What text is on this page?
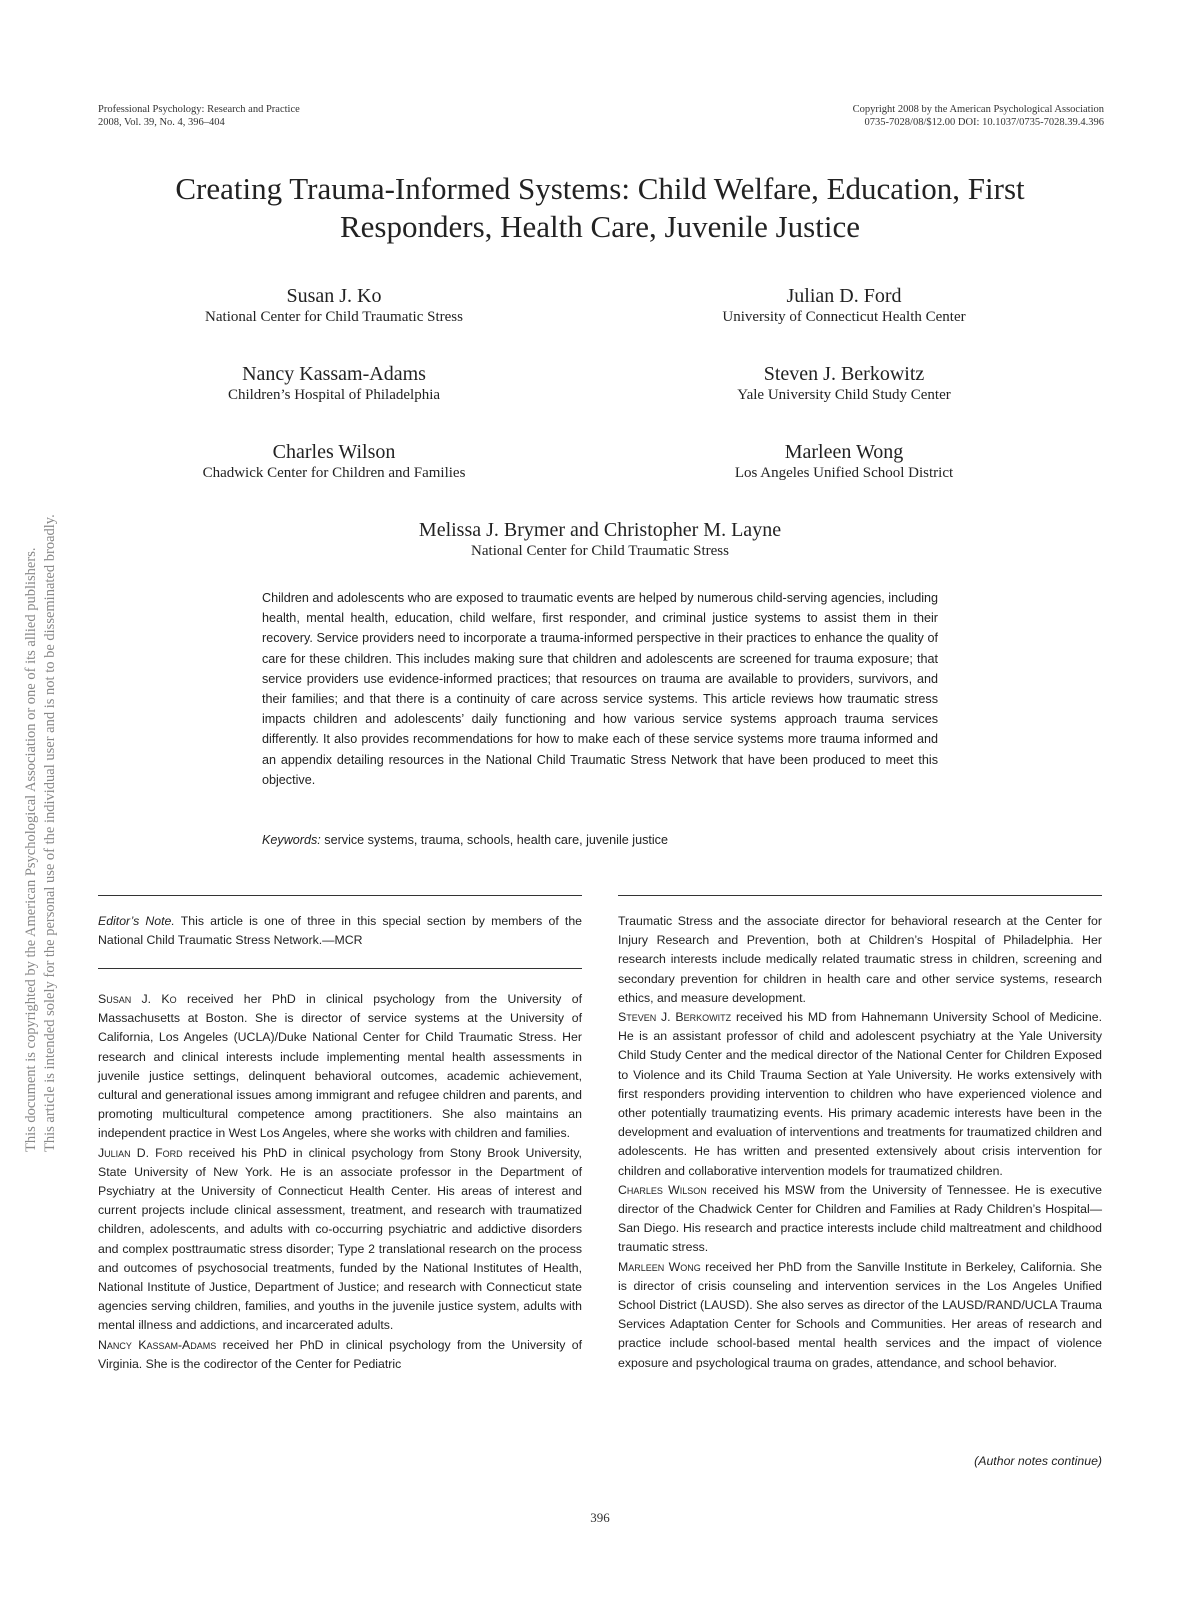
Professional Psychology: Research and Practice
2008, Vol. 39, No. 4, 396–404
Copyright 2008 by the American Psychological Association
0735-7028/08/$12.00 DOI: 10.1037/0735-7028.39.4.396
Creating Trauma-Informed Systems: Child Welfare, Education, First Responders, Health Care, Juvenile Justice
Susan J. Ko
National Center for Child Traumatic Stress
Julian D. Ford
University of Connecticut Health Center
Nancy Kassam-Adams
Children’s Hospital of Philadelphia
Steven J. Berkowitz
Yale University Child Study Center
Charles Wilson
Chadwick Center for Children and Families
Marleen Wong
Los Angeles Unified School District
Melissa J. Brymer and Christopher M. Layne
National Center for Child Traumatic Stress
Children and adolescents who are exposed to traumatic events are helped by numerous child-serving agencies, including health, mental health, education, child welfare, first responder, and criminal justice systems to assist them in their recovery. Service providers need to incorporate a trauma-informed perspective in their practices to enhance the quality of care for these children. This includes making sure that children and adolescents are screened for trauma exposure; that service providers use evidence-informed practices; that resources on trauma are available to providers, survivors, and their families; and that there is a continuity of care across service systems. This article reviews how traumatic stress impacts children and adolescents’ daily functioning and how various service systems approach trauma services differently. It also provides recommendations for how to make each of these service systems more trauma informed and an appendix detailing resources in the National Child Traumatic Stress Network that have been produced to meet this objective.
Keywords: service systems, trauma, schools, health care, juvenile justice
Editor’s Note. This article is one of three in this special section by members of the National Child Traumatic Stress Network.—MCR

Susan J. Ko received her PhD in clinical psychology from the University of Massachusetts at Boston. She is director of service systems at the University of California, Los Angeles (UCLA)/Duke National Center for Child Traumatic Stress. Her research and clinical interests include implementing mental health assessments in juvenile justice settings, delinquent behavioral outcomes, academic achievement, cultural and generational issues among immigrant and refugee children and parents, and promoting multicultural competence among practitioners. She also maintains an independent practice in West Los Angeles, where she works with children and families.

Julian D. Ford received his PhD in clinical psychology from Stony Brook University, State University of New York. He is an associate professor in the Department of Psychiatry at the University of Connecticut Health Center. His areas of interest and current projects include clinical assessment, treatment, and research with traumatized children, adolescents, and adults with co-occurring psychiatric and addictive disorders and complex posttraumatic stress disorder; Type 2 translational research on the process and outcomes of psychosocial treatments, funded by the National Institutes of Health, National Institute of Justice, Department of Justice; and research with Connecticut state agencies serving children, families, and youths in the juvenile justice system, adults with mental illness and addictions, and incarcerated adults.

Nancy Kassam-Adams received her PhD in clinical psychology from the University of Virginia. She is the codirector of the Center for Pediatric

Traumatic Stress and the associate director for behavioral research at the Center for Injury Research and Prevention, both at Children’s Hospital of Philadelphia. Her research interests include medically related traumatic stress in children, screening and secondary prevention for children in health care and other service systems, research ethics, and measure development.

Steven J. Berkowitz received his MD from Hahnemann University School of Medicine. He is an assistant professor of child and adolescent psychiatry at the Yale University Child Study Center and the medical director of the National Center for Children Exposed to Violence and its Child Trauma Section at Yale University. He works extensively with first responders providing intervention to children who have experienced violence and other potentially traumatizing events. His primary academic interests have been in the development and evaluation of interventions and treatments for traumatized children and adolescents. He has written and presented extensively about crisis intervention for children and collaborative intervention models for traumatized children.

Charles Wilson received his MSW from the University of Tennessee. He is executive director of the Chadwick Center for Children and Families at Rady Children’s Hospital—San Diego. His research and practice interests include child maltreatment and childhood traumatic stress.

Marleen Wong received her PhD from the Sanville Institute in Berkeley, California. She is director of crisis counseling and intervention services in the Los Angeles Unified School District (LAUSD). She also serves as director of the LAUSD/RAND/UCLA Trauma Services Adaptation Center for Schools and Communities. Her areas of research and practice include school-based mental health services and the impact of violence exposure and psychological trauma on grades, attendance, and school behavior.

(Author notes continue)
396
This document is copyrighted by the American Psychological Association or one of its allied publishers. This article is intended solely for the personal use of the individual user and is not to be disseminated broadly.
